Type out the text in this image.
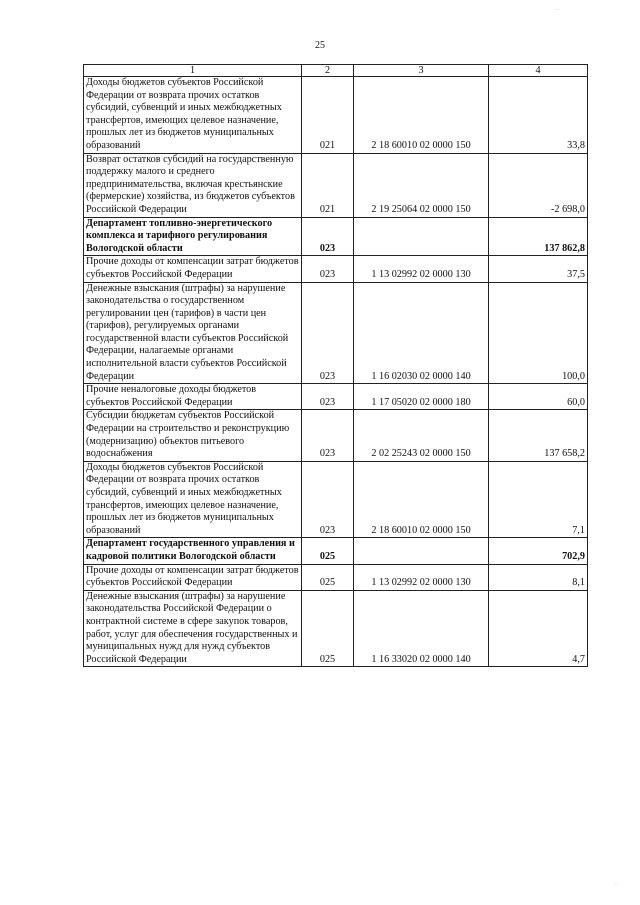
...
25
1	2	3	4
Доходы бюджетов субъектов Российской Федерации от возврата прочих остатков субсидий, субвенций и иных межбюджетных трансфертов, имеющих целевое назначение, прошлых лет из бюджетов муниципальных образований	021	2 18 60010 02 0000 150	33,8
Возврат остатков субсидий на государственную поддержку малого и среднего предпринимательства, включая крестьянские (фермерские) хозяйства, из бюджетов субъектов Российской Федерации	021	2 19 25064 02 0000 150	-2 698,0
Департамент топливно-энергетического комплекса и тарифного регулирования Вологодской области	023		137 862,8
Прочие доходы от компенсации затрат бюджетов субъектов Российской Федерации	023	1 13 02992 02 0000 130	37,5
Денежные взыскания (штрафы) за нарушение законодательства о государственном регулировании цен (тарифов) в части цен (тарифов), регулируемых органами государственной власти субъектов Российской Федерации, налагаемые органами исполнительной власти субъектов Российской Федерации	023	1 16 02030 02 0000 140	100,0
Прочие неналоговые доходы бюджетов субъектов Российской Федерации	023	1 17 05020 02 0000 180	60,0
Субсидии бюджетам субъектов Российской Федерации на строительство и реконструкцию (модернизацию) объектов питьевого водоснабжения	023	2 02 25243 02 0000 150	137 658,2
Доходы бюджетов субъектов Российской Федерации от возврата прочих остатков субсидий, субвенций и иных межбюджетных трансфертов, имеющих целевое назначение, прошлых лет из бюджетов муниципальных образований	023	2 18 60010 02 0000 150	7,1
Департамент государственного управления и кадровой политики Вологодской области	025		702,9
Прочие доходы от компенсации затрат бюджетов субъектов Российской Федерации	025	1 13 02992 02 0000 130	8,1
Денежные взыскания (штрафы) за нарушение законодательства Российской Федерации о контрактной системе в сфере закупок товаров, работ, услуг для обеспечения государственных и муниципальных нужд для нужд субъектов Российской Федерации	025	1 16 33020 02 0000 140	4,7
..
